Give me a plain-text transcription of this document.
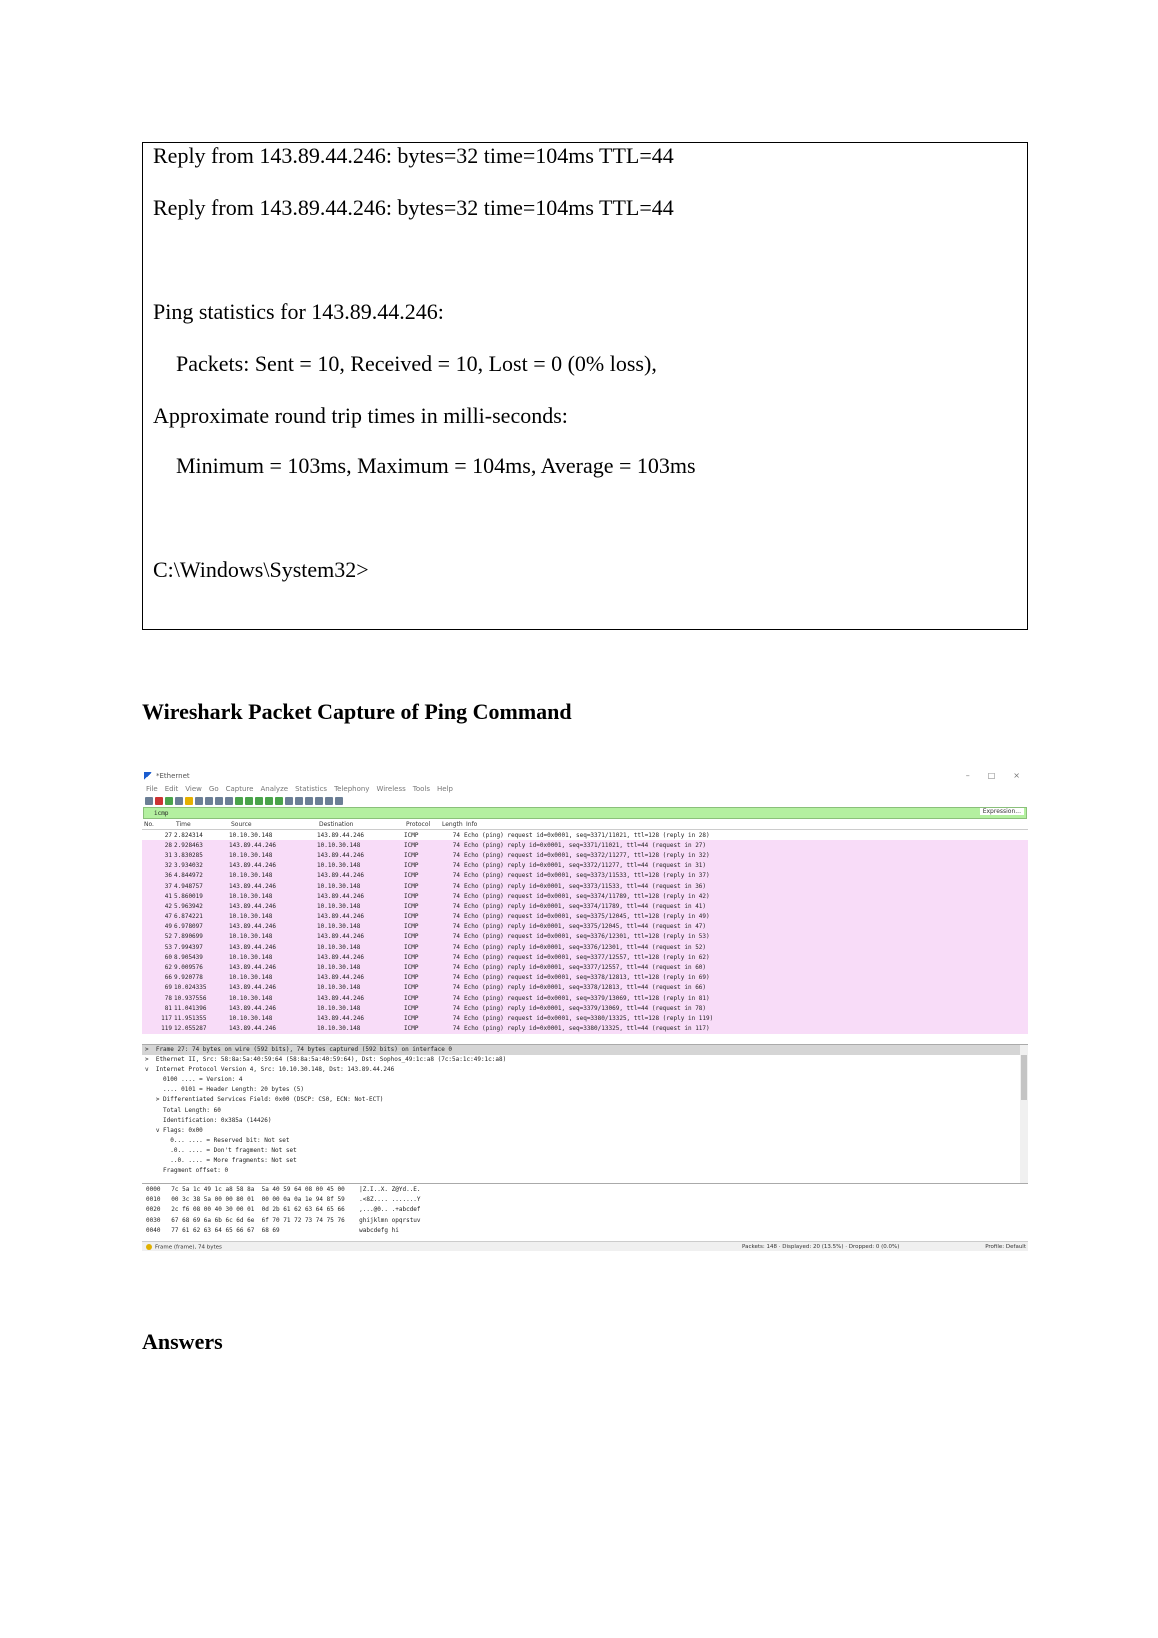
Reply from 143.89.44.246: bytes=32 time=104ms TTL=44
Reply from 143.89.44.246: bytes=32 time=104ms TTL=44
Ping statistics for 143.89.44.246:
Packets: Sent = 10, Received = 10, Lost = 0 (0% loss),
Approximate round trip times in milli-seconds:
Minimum = 103ms, Maximum = 104ms, Average = 103ms
C:\Windows\System32>
Wireshark Packet Capture of Ping Command
*Ethernet	– □ ×
File Edit View Go Capture Analyze Statistics Telephony Wireless Tools Help
icmp	Expression...
No.	Time	Source	Destination	Protocol	Length Info
27 2.824314	10.10.30.148	143.89.44.246	ICMP	74 Echo (ping) request id=0x0001, seq=3371/11021, ttl=128 (reply in 28)
28 2.928463	143.89.44.246	10.10.30.148	ICMP	74 Echo (ping) reply id=0x0001, seq=3371/11021, ttl=44 (request in 27)
31 3.830285	10.10.30.148	143.89.44.246	ICMP	74 Echo (ping) request id=0x0001, seq=3372/11277, ttl=128 (reply in 32)
32 3.934032	143.89.44.246	10.10.30.148	ICMP	74 Echo (ping) reply id=0x0001, seq=3372/11277, ttl=44 (request in 31)
36 4.844972	10.10.30.148	143.89.44.246	ICMP	74 Echo (ping) request id=0x0001, seq=3373/11533, ttl=128 (reply in 37)
37 4.948757	143.89.44.246	10.10.30.148	ICMP	74 Echo (ping) reply id=0x0001, seq=3373/11533, ttl=44 (request in 36)
41 5.860019	10.10.30.148	143.89.44.246	ICMP	74 Echo (ping) request id=0x0001, seq=3374/11789, ttl=128 (reply in 42)
42 5.963942	143.89.44.246	10.10.30.148	ICMP	74 Echo (ping) reply id=0x0001, seq=3374/11789, ttl=44 (request in 41)
47 6.874221	10.10.30.148	143.89.44.246	ICMP	74 Echo (ping) request id=0x0001, seq=3375/12045, ttl=128 (reply in 49)
49 6.978097	143.89.44.246	10.10.30.148	ICMP	74 Echo (ping) reply id=0x0001, seq=3375/12045, ttl=44 (request in 47)
52 7.890699	10.10.30.148	143.89.44.246	ICMP	74 Echo (ping) request id=0x0001, seq=3376/12301, ttl=128 (reply in 53)
53 7.994397	143.89.44.246	10.10.30.148	ICMP	74 Echo (ping) reply id=0x0001, seq=3376/12301, ttl=44 (request in 52)
60 8.905439	10.10.30.148	143.89.44.246	ICMP	74 Echo (ping) request id=0x0001, seq=3377/12557, ttl=128 (reply in 62)
62 9.009576	143.89.44.246	10.10.30.148	ICMP	74 Echo (ping) reply id=0x0001, seq=3377/12557, ttl=44 (request in 60)
66 9.920778	10.10.30.148	143.89.44.246	ICMP	74 Echo (ping) request id=0x0001, seq=3378/12813, ttl=128 (reply in 69)
69 10.024335	143.89.44.246	10.10.30.148	ICMP	74 Echo (ping) reply id=0x0001, seq=3378/12813, ttl=44 (request in 66)
78 10.937556	10.10.30.148	143.89.44.246	ICMP	74 Echo (ping) request id=0x0001, seq=3379/13069, ttl=128 (reply in 81)
81 11.041396	143.89.44.246	10.10.30.148	ICMP	74 Echo (ping) reply id=0x0001, seq=3379/13069, ttl=44 (request in 78)
117 11.951355	10.10.30.148	143.89.44.246	ICMP	74 Echo (ping) request id=0x0001, seq=3380/13325, ttl=128 (reply in 119)
119 12.055287	143.89.44.246	10.10.30.148	ICMP	74 Echo (ping) reply id=0x0001, seq=3380/13325, ttl=44 (request in 117)
>  Frame 27: 74 bytes on wire (592 bits), 74 bytes captured (592 bits) on interface 0
>  Ethernet II, Src: 58:8a:5a:40:59:64 (58:8a:5a:40:59:64), Dst: Sophos_49:1c:a8 (7c:5a:1c:49:1c:a8)
v  Internet Protocol Version 4, Src: 10.10.30.148, Dst: 143.89.44.246
0100 .... = Version: 4
.... 0101 = Header Length: 20 bytes (5)
> Differentiated Services Field: 0x00 (DSCP: CS0, ECN: Not-ECT)
Total Length: 60
Identification: 0x385a (14426)
v Flags: 0x00
0... .... = Reserved bit: Not set
.0.. .... = Don't fragment: Not set
..0. .... = More fragments: Not set
Fragment offset: 0
0000   7c 5a 1c 49 1c a8 58 8a  5a 40 59 64 08 00 45 00    |Z.I..X. Z@Yd..E.
0010   00 3c 38 5a 00 00 80 01  00 00 0a 0a 1e 94 8f 59    .<8Z.... .......Y
0020   2c f6 08 00 40 30 00 01  0d 2b 61 62 63 64 65 66    ,...@0.. .+abcdef
0030   67 68 69 6a 6b 6c 6d 6e  6f 70 71 72 73 74 75 76    ghijklmn opqrstuv
0040   77 61 62 63 64 65 66 67  68 69                      wabcdefg hi
Frame (frame), 74 bytes	Packets: 148 · Displayed: 20 (13.5%) · Dropped: 0 (0.0%)	Profile: Default
Answers
